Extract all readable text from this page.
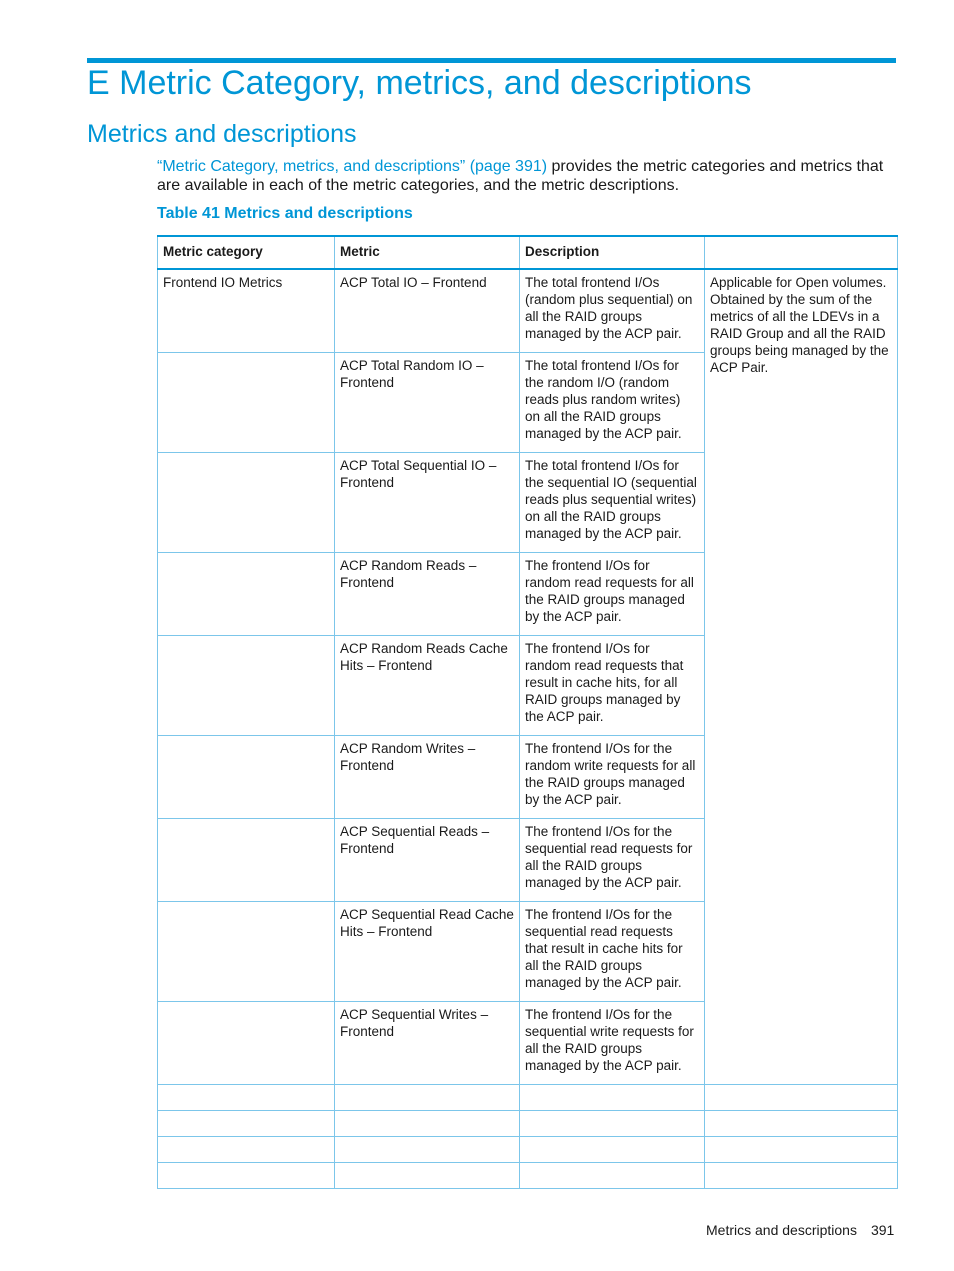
E Metric Category, metrics, and descriptions
Metrics and descriptions

“Metric Category, metrics, and descriptions” (page 391) provides the metric categories and metrics that are available in each of the metric categories, and the metric descriptions.

Table 41 Metrics and descriptions

Metric category	Metric	Description	
Frontend IO Metrics	ACP Total IO – Frontend	The total frontend I/Os (random plus sequential) on all the RAID groups managed by the ACP pair.	Applicable for Open volumes. Obtained by the sum of the metrics of all the LDEVs in a RAID Group and all the RAID groups being managed by the ACP Pair.
	ACP Total Random IO – Frontend	The total frontend I/Os for the random I/O (random reads plus random writes) on all the RAID groups managed by the ACP pair.	
	ACP Total Sequential IO – Frontend	The total frontend I/Os for the sequential IO (sequential reads plus sequential writes) on all the RAID groups managed by the ACP pair.	
	ACP Random Reads – Frontend	The frontend I/Os for random read requests for all the RAID groups managed by the ACP pair.	
	ACP Random Reads Cache Hits – Frontend	The frontend I/Os for random read requests that result in cache hits, for all RAID groups managed by the ACP pair.	
	ACP Random Writes – Frontend	The frontend I/Os for the random write requests for all the RAID groups managed by the ACP pair.	
	ACP Sequential Reads – Frontend	The frontend I/Os for the sequential read requests for all the RAID groups managed by the ACP pair.	
	ACP Sequential Read Cache Hits – Frontend	The frontend I/Os for the sequential read requests that result in cache hits for all the RAID groups managed by the ACP pair.	
	ACP Sequential Writes – Frontend	The frontend I/Os for the sequential write requests for all the RAID groups managed by the ACP pair.	

Metrics and descriptions 391
